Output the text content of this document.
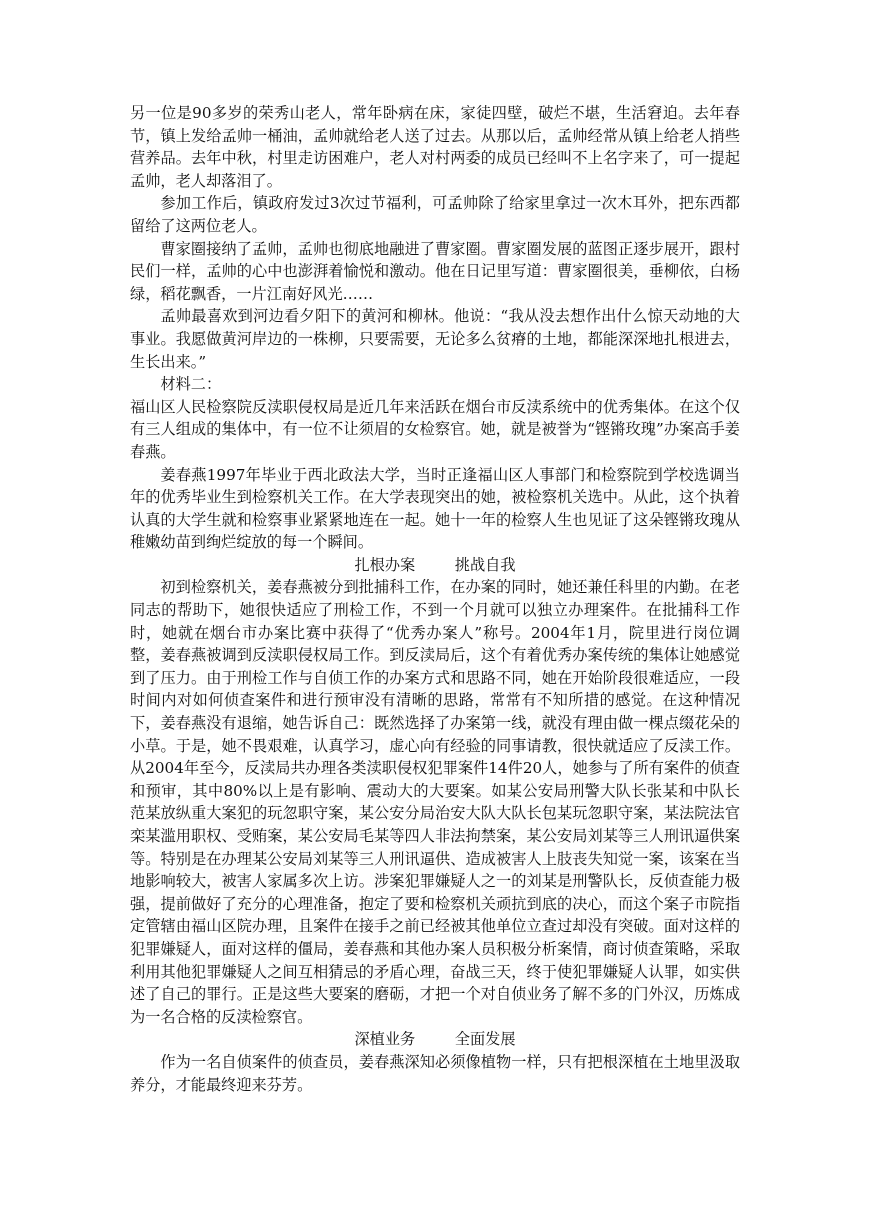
另一位是90多岁的荣秀山老人，常年卧病在床，家徒四壁，破烂不堪，生活窘迫。去年春节，镇上发给孟帅一桶油，孟帅就给老人送了过去。从那以后，孟帅经常从镇上给老人捎些营养品。去年中秋，村里走访困难户，老人对村两委的成员已经叫不上名字来了，可一提起孟帅，老人却落泪了。

参加工作后，镇政府发过3次过节福利，可孟帅除了给家里拿过一次木耳外，把东西都留给了这两位老人。

曹家圈接纳了孟帅，孟帅也彻底地融进了曹家圈。曹家圈发展的蓝图正逐步展开，跟村民们一样，孟帅的心中也澎湃着愉悦和激动。他在日记里写道：曹家圈很美，垂柳依，白杨绿，稻花飘香，一片江南好风光……

孟帅最喜欢到河边看夕阳下的黄河和柳林。他说：“我从没去想作出什么惊天动地的大事业。我愿做黄河岸边的一株柳，只要需要，无论多么贫瘠的土地，都能深深地扎根进去，生长出来。”

材料二：

福山区人民检察院反渎职侵权局是近几年来活跃在烟台市反渎系统中的优秀集体。在这个仅有三人组成的集体中，有一位不让须眉的女检察官。她，就是被誉为“铿锵玫瑰”办案高手姜春燕。

姜春燕1997年毕业于西北政法大学，当时正逢福山区人事部门和检察院到学校选调当年的优秀毕业生到检察机关工作。在大学表现突出的她，被检察机关选中。从此，这个执着认真的大学生就和检察事业紧紧地连在一起。她十一年的检察人生也见证了这朵铿锵玫瑰从稚嫩幼苗到绚烂绽放的每一个瞬间。

扎根办案	挑战自我

初到检察机关，姜春燕被分到批捕科工作，在办案的同时，她还兼任科里的内勤。在老同志的帮助下，她很快适应了刑检工作，不到一个月就可以独立办理案件。在批捕科工作时，她就在烟台市办案比赛中获得了“优秀办案人”称号。2004年1月，院里进行岗位调整，姜春燕被调到反渎职侵权局工作。到反渎局后，这个有着优秀办案传统的集体让她感觉到了压力。由于刑检工作与自侦工作的办案方式和思路不同，她在开始阶段很难适应，一段时间内对如何侦查案件和进行预审没有清晰的思路，常常有不知所措的感觉。在这种情况下，姜春燕没有退缩，她告诉自己：既然选择了办案第一线，就没有理由做一棵点缀花朵的小草。于是，她不畏艰难，认真学习，虚心向有经验的同事请教，很快就适应了反渎工作。从2004年至今，反渎局共办理各类渎职侵权犯罪案件14件20人，她参与了所有案件的侦查和预审，其中80%以上是有影响、震动大的大要案。如某公安局刑警大队长张某和中队长范某放纵重大案犯的玩忽职守案，某公安分局治安大队大队长包某玩忽职守案，某法院法官栾某滥用职权、受贿案，某公安局毛某等四人非法拘禁案，某公安局刘某等三人刑讯逼供案等。特别是在办理某公安局刘某等三人刑讯逼供、造成被害人上肢丧失知觉一案，该案在当地影响较大，被害人家属多次上访。涉案犯罪嫌疑人之一的刘某是刑警队长，反侦查能力极强，提前做好了充分的心理准备，抱定了要和检察机关顽抗到底的决心，而这个案子市院指定管辖由福山区院办理，且案件在接手之前已经被其他单位立查过却没有突破。面对这样的犯罪嫌疑人，面对这样的僵局，姜春燕和其他办案人员积极分析案情，商讨侦查策略，采取利用其他犯罪嫌疑人之间互相猜忌的矛盾心理，奋战三天，终于使犯罪嫌疑人认罪，如实供述了自己的罪行。正是这些大要案的磨砺，才把一个对自侦业务了解不多的门外汉，历炼成为一名合格的反渎检察官。

深植业务	全面发展

作为一名自侦案件的侦查员，姜春燕深知必须像植物一样，只有把根深植在土地里汲取养分，才能最终迎来芬芳。
